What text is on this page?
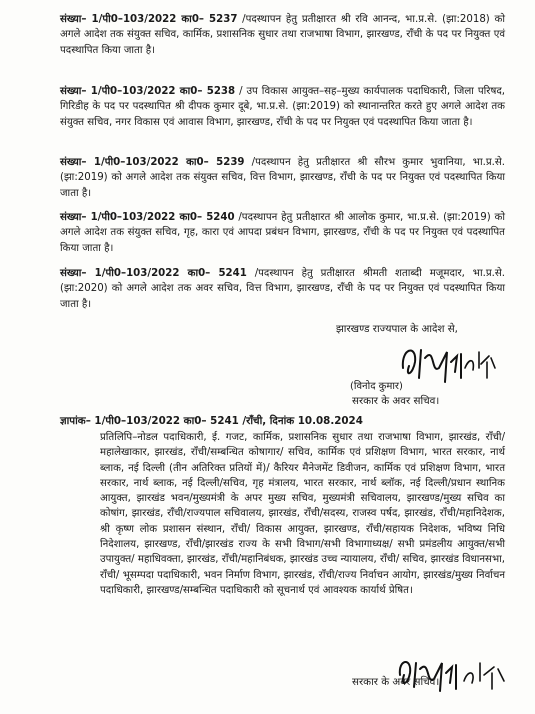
संख्या– 1/पी0–103/2022 का0– 5237 /पदस्थापन हेतु प्रतीक्षारत श्री रवि आनन्द, भा.प्र.से. (झा:2018) को अगले आदेश तक संयुक्त सचिव, कार्मिक, प्रशासनिक सुधार तथा राजभाषा विभाग, झारखण्ड, राँची के पद पर नियुक्त एवं पदस्थापित किया जाता है।
संख्या– 1/पी0–103/2022 का0– 5238 / उप विकास आयुक्त–सह–मुख्य कार्यपालक पदाधिकारी, जिला परिषद, गिरिडीह के पद पर पदस्थापित श्री दीपक कुमार दूबे, भा.प्र.से. (झा:2019) को स्थानान्तरित करते हुए अगले आदेश तक संयुक्त सचिव, नगर विकास एवं आवास विभाग, झारखण्ड, राँची के पद पर नियुक्त एवं पदस्थापित किया जाता है।
संख्या– 1/पी0–103/2022 का0– 5239 /पदस्थापन हेतु प्रतीक्षारत श्री सौरभ कुमार भुवानिया, भा.प्र.से. (झा:2019) को अगले आदेश तक संयुक्त सचिव, वित्त विभाग, झारखण्ड, राँची के पद पर नियुक्त एवं पदस्थापित किया जाता है।
संख्या– 1/पी0–103/2022 का0– 5240 /पदस्थापन हेतु प्रतीक्षारत श्री आलोक कुमार, भा.प्र.से. (झा:2019) को अगले आदेश तक संयुक्त सचिव, गृह, कारा एवं आपदा प्रबंधन विभाग, झारखण्ड, राँची के पद पर नियुक्त एवं पदस्थापित किया जाता है।
संख्या– 1/पी0–103/2022 का0– 5241 /पदस्थापन हेतु प्रतीक्षारत श्रीमती शताब्दी मजूमदार, भा.प्र.से. (झा:2020) को अगले आदेश तक अवर सचिव, वित्त विभाग, झारखण्ड, राँची के पद पर नियुक्त एवं पदस्थापित किया जाता है।
झारखण्ड राज्यपाल के आदेश से,
(विनोद कुमार)
सरकार के अवर सचिव।
ज्ञापांक– 1/पी0–103/2022 का0– 5241 /राँची, दिनांक 10.08.2024
प्रतिलिपि–नोडल पदाधिकारी, ई. गजट, कार्मिक, प्रशासनिक सुधार तथा राजभाषा विभाग, झारखंड, राँची/महालेखाकार, झारखंड, राँची/सम्बन्धित कोषागार/ सचिव, कार्मिक एवं प्रशिक्षण विभाग, भारत सरकार, नार्थ ब्लाक, नई दिल्ली (तीन अतिरिक्त प्रतियों में)/ कैरियर मैनेजमेंट डिवीजन, कार्मिक एवं प्रशिक्षण विभाग, भारत सरकार, नार्थ ब्लाक, नई दिल्ली/सचिव, गृह मंत्रालय, भारत सरकार, नार्थ ब्लॉक, नई दिल्ली/प्रधान स्थानिक आयुक्त, झारखंड भवन/मुख्यमंत्री के अपर मुख्य सचिव, मुख्यमंत्री सचिवालय, झारखण्ड/मुख्य सचिव का कोषांग, झारखंड, राँची/राज्यपाल सचिवालय, झारखंड, राँची/सदस्य, राजस्व पर्षद, झारखंड, राँची/महानिदेशक, श्री कृष्ण लोक प्रशासन संस्थान, राँची/ विकास आयुक्त, झारखण्ड, राँची/सहायक निदेशक, भविष्य निधि निदेशालय, झारखण्ड, राँची/झारखंड राज्य के सभी विभाग/सभी विभागाध्यक्ष/ सभी प्रमंडलीय आयुक्त/सभी उपायुक्त/ महाधिवक्ता, झारखंड, राँची/महानिबंधक, झारखंड उच्च न्यायालय, राँची/ सचिव, झारखंड विधानसभा, राँची/ भूसम्पदा पदाधिकारी, भवन निर्माण विभाग, झारखंड, राँची/राज्य निर्वाचन आयोग, झारखंड/मुख्य निर्वाचन पदाधिकारी, झारखण्ड/सम्बन्धित पदाधिकारी को सूचनार्थ एवं आवश्यक कार्यार्थ प्रेषित।
सरकार के अवर सचिव।
